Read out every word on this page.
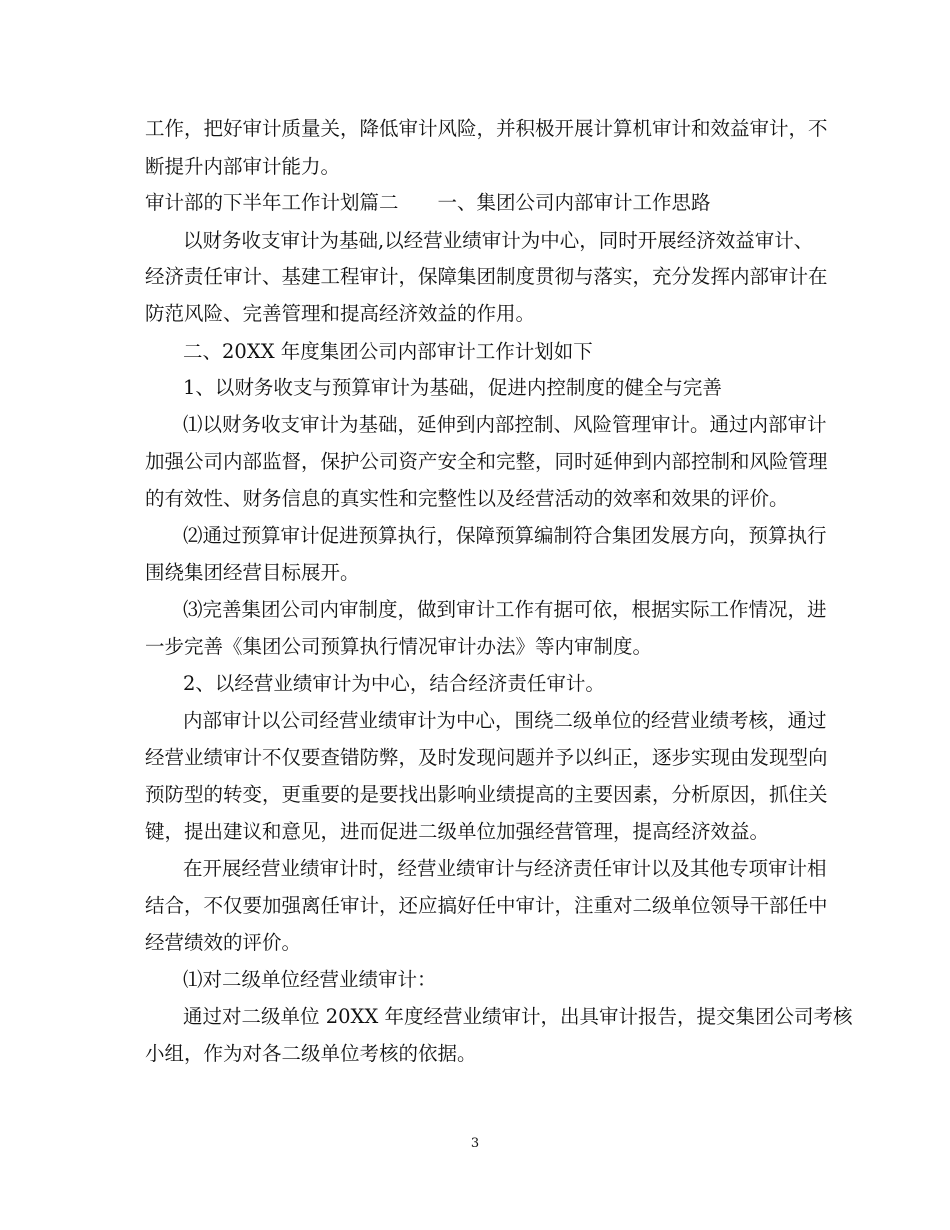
工作，把好审计质量关，降低审计风险，并积极开展计算机审计和效益审计，不
断提升内部审计能力。
审计部的下半年工作计划篇二　　一、集团公司内部审计工作思路
以财务收支审计为基础,以经营业绩审计为中心，同时开展经济效益审计、
经济责任审计、基建工程审计，保障集团制度贯彻与落实，充分发挥内部审计在
防范风险、完善管理和提高经济效益的作用。
二、20XX 年度集团公司内部审计工作计划如下
1、以财务收支与预算审计为基础，促进内控制度的健全与完善
⑴以财务收支审计为基础，延伸到内部控制、风险管理审计。通过内部审计
加强公司内部监督，保护公司资产安全和完整，同时延伸到内部控制和风险管理
的有效性、财务信息的真实性和完整性以及经营活动的效率和效果的评价。
⑵通过预算审计促进预算执行，保障预算编制符合集团发展方向，预算执行
围绕集团经营目标展开。
⑶完善集团公司内审制度，做到审计工作有据可依，根据实际工作情况，进
一步完善《集团公司预算执行情况审计办法》等内审制度。
2、以经营业绩审计为中心，结合经济责任审计。
内部审计以公司经营业绩审计为中心，围绕二级单位的经营业绩考核，通过
经营业绩审计不仅要查错防弊，及时发现问题并予以纠正，逐步实现由发现型向
预防型的转变，更重要的是要找出影响业绩提高的主要因素，分析原因，抓住关
键，提出建议和意见，进而促进二级单位加强经营管理，提高经济效益。
在开展经营业绩审计时，经营业绩审计与经济责任审计以及其他专项审计相
结合，不仅要加强离任审计，还应搞好任中审计，注重对二级单位领导干部任中
经营绩效的评价。
⑴对二级单位经营业绩审计：
通过对二级单位 20XX 年度经营业绩审计，出具审计报告，提交集团公司考核
小组，作为对各二级单位考核的依据。
3
